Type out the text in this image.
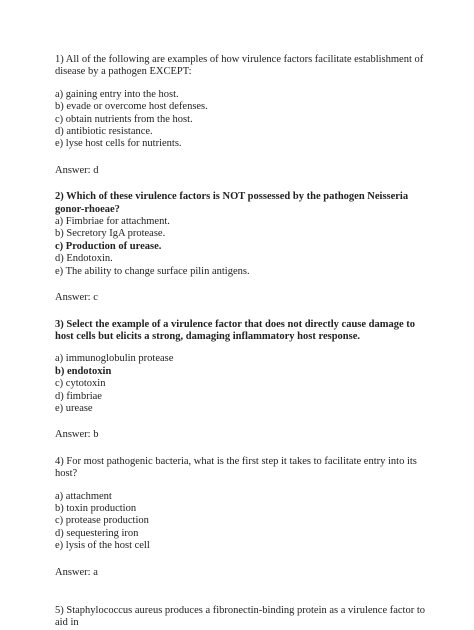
1) All of the following are examples of how virulence factors facilitate establishment of disease by a pathogen EXCEPT:
a) gaining entry into the host.
b) evade or overcome host defenses.
c) obtain nutrients from the host.
d) antibiotic resistance.
e) lyse host cells for nutrients.
Answer: d
2) Which of these virulence factors is NOT possessed by the pathogen Neisseria gonor-rhoeae?
a) Fimbriae for attachment.
b) Secretory IgA protease.
c) Production of urease.
d) Endotoxin.
e) The ability to change surface pilin antigens.
Answer: c
3) Select the example of a virulence factor that does not directly cause damage to host cells but elicits a strong, damaging inflammatory host response.
a) immunoglobulin protease
b) endotoxin
c) cytotoxin
d) fimbriae
e) urease
Answer: b
4) For most pathogenic bacteria, what is the first step it takes to facilitate entry into its host?
a) attachment
b) toxin production
c) protease production
d) sequestering iron
e) lysis of the host cell
Answer: a
5) Staphylococcus aureus produces a fibronectin-binding protein as a virulence factor to aid in
